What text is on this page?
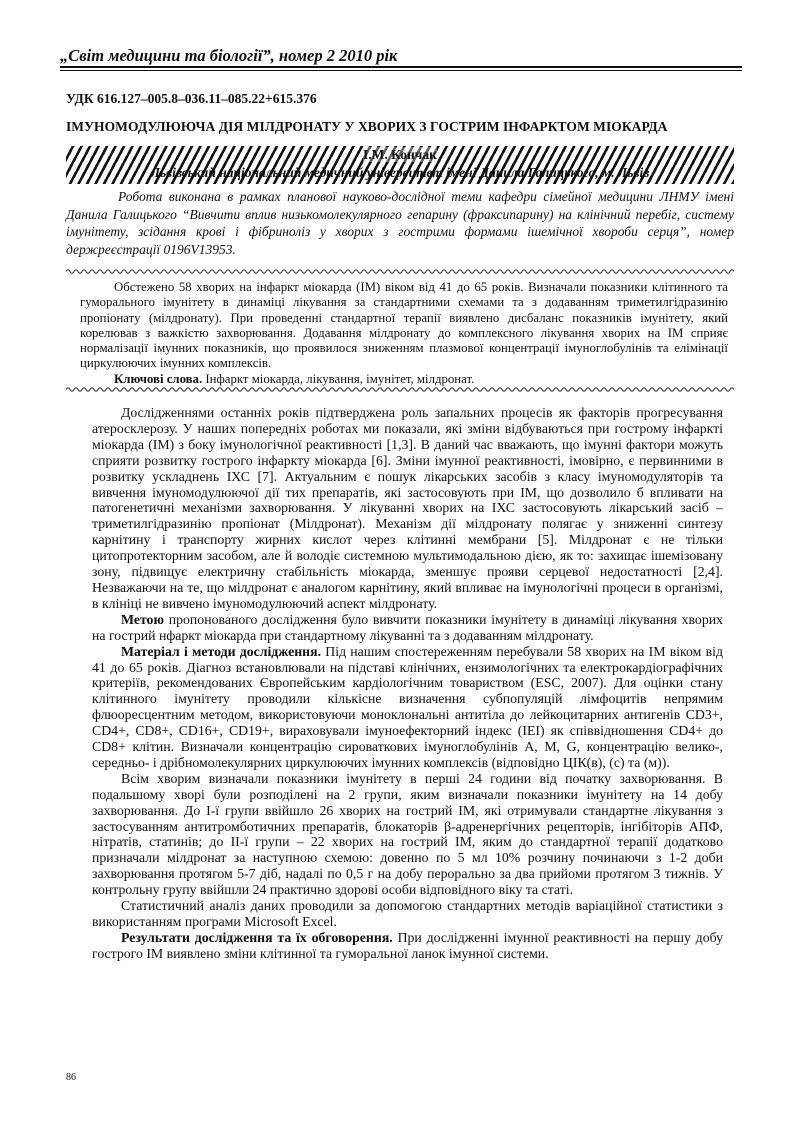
„Світ медицини та біології”, номер 2 2010 рік
УДК 616.127–005.8–036.11–085.22+615.376
ІМУНОМОДУЛЮЮЧА ДІЯ МІЛДРОНАТУ У ХВОРИХ З ГОСТРИМ ІНФАРКТОМ МІОКАРДА
І.М. Кончак
Львівський національний медичний університет імені Данила Галицького, м. Львів

Робота виконана в рамках планової науково-дослідної теми кафедри сімейної медицини ЛНМУ імені Данила Галицького “Вивчити вплив низькомолекулярного гепарину (фраксипарину) на клінічний перебіг, систему імунітету, зсідання крові і фібриноліз у хворих з гострими формами ішемічної хвороби серця”, номер держреєстрації 0196V13953.

Обстежено 58 хворих на інфаркт міокарда (ІМ) віком від 41 до 65 років. Визначали показники клітинного та гуморального імунітету в динаміці лікування за стандартними схемами та з додаванням триметилгідразинію пропіонату (мілдронату). При проведенні стандартної терапії виявлено дисбаланс показників імунітету, який корелював з важкістю захворювання. Додавання мілдронату до комплексного лікування хворих на ІМ сприяє нормалізації імунних показників, що проявилося зниженням плазмової концентрації імуноглобулінів та елімінації циркулюючих імунних комплексів.

Ключові слова. Інфаркт міокарда, лікування, імунітет, мілдронат.

Дослідженнями останніх років підтверджена роль запальних процесів як факторів прогресування атеросклерозу. У наших попередніх роботах ми показали, які зміни відбуваються при гострому інфаркті міокарда (ІМ) з боку імунологічної реактивності [1,3]. В даний час вважають, що імунні фактори можуть сприяти розвитку гострого інфаркту міокарда [6]. Зміни імунної реактивності, імовірно, є первинними в розвитку ускладнень ІХС [7]. Актуальним є пошук лікарських засобів з класу імуномодуляторів та вивчення імуномодулюючої дії тих препаратів, які застосовують при ІМ, що дозволило б впливати на патогенетичні механізми захворювання. У лікуванні хворих на ІХС застосовують лікарський засіб – триметилгідразинію пропіонат (Мілдронат). Механізм дії мілдронату полягає у зниженні синтезу карнітину і транспорту жирних кислот через клітинні мембрани [5]. Мілдронат є не тільки цитопротекторним засобом, але й володіє системною мультимодальною дією, як то: захищає ішемізовану зону, підвищує електричну стабільність міокарда, зменшує прояви серцевої недостатності [2,4]. Незважаючи на те, що мілдронат є аналогом карнітину, який впливає на імунологічні процеси в організмі, в клініці не вивчено імуномодулюючий аспект мілдронату.

Метою пропонованого дослідження було вивчити показники імунітету в динаміці лікування хворих на гострий нфаркт міокарда при стандартному лікуванні та з додаванням мілдронату.

Матеріал і методи дослідження. Під нашим спостереженням перебували 58 хворих на ІМ віком від 41 до 65 років. Діагноз встановлювали на підставі клінічних, ензимологічних та електрокардіографічних критеріїв, рекомендованих Європейським кардіологічним товариством (ESC, 2007). Для оцінки стану клітинного імунітету проводили кількісне визначення субпопуляцій лімфоцитів непрямим флюоресцентним методом, використовуючи моноклональні антитіла до лейкоцитарних антигенів CD3+, CD4+, CD8+, CD16+, CD19+, вираховували імуноефекторний індекс (ІЕІ) як співвідношення CD4+ до CD8+ клітин. Визначали концентрацію сироваткових імуноглобулінів А, М, G, концентрацію велико-, середньо- і дрібномолекулярних циркулюючих імунних комплексів (відповідно ЦІК(в), (с) та (м)).

Всім хворим визначали показники імунітету в перші 24 години від початку захворювання. В подальшому хворі були розподілені на 2 групи, яким визначали показники імунітету на 14 добу захворювання. До І-ї групи ввійшло 26 хворих на гострий ІМ, які отримували стандартне лікування з застосуванням антитромботичних препаратів, блокаторів β-адренергічних рецепторів, інгібіторів АПФ, нітратів, статинів; до ІІ-ї групи – 22 хворих на гострий ІМ, яким до стандартної терапії додатково призначали мілдронат за наступною схемою: довенно по 5 мл 10% розчину починаючи з 1-2 доби захворювання протягом 5-7 діб, надалі по 0,5 г на добу перорально за два прийоми протягом 3 тижнів. У контрольну групу ввійшли 24 практично здорові особи відповідного віку та статі.

Статистичний аналіз даних проводили за допомогою стандартних методів варіаційної статистики з використанням програми Microsoft Excel.

Результати дослідження та їх обговорення. При дослідженні імунної реактивності на першу добу гострого ІМ виявлено зміни клітинної та гуморальної ланок імунної системи.

86
